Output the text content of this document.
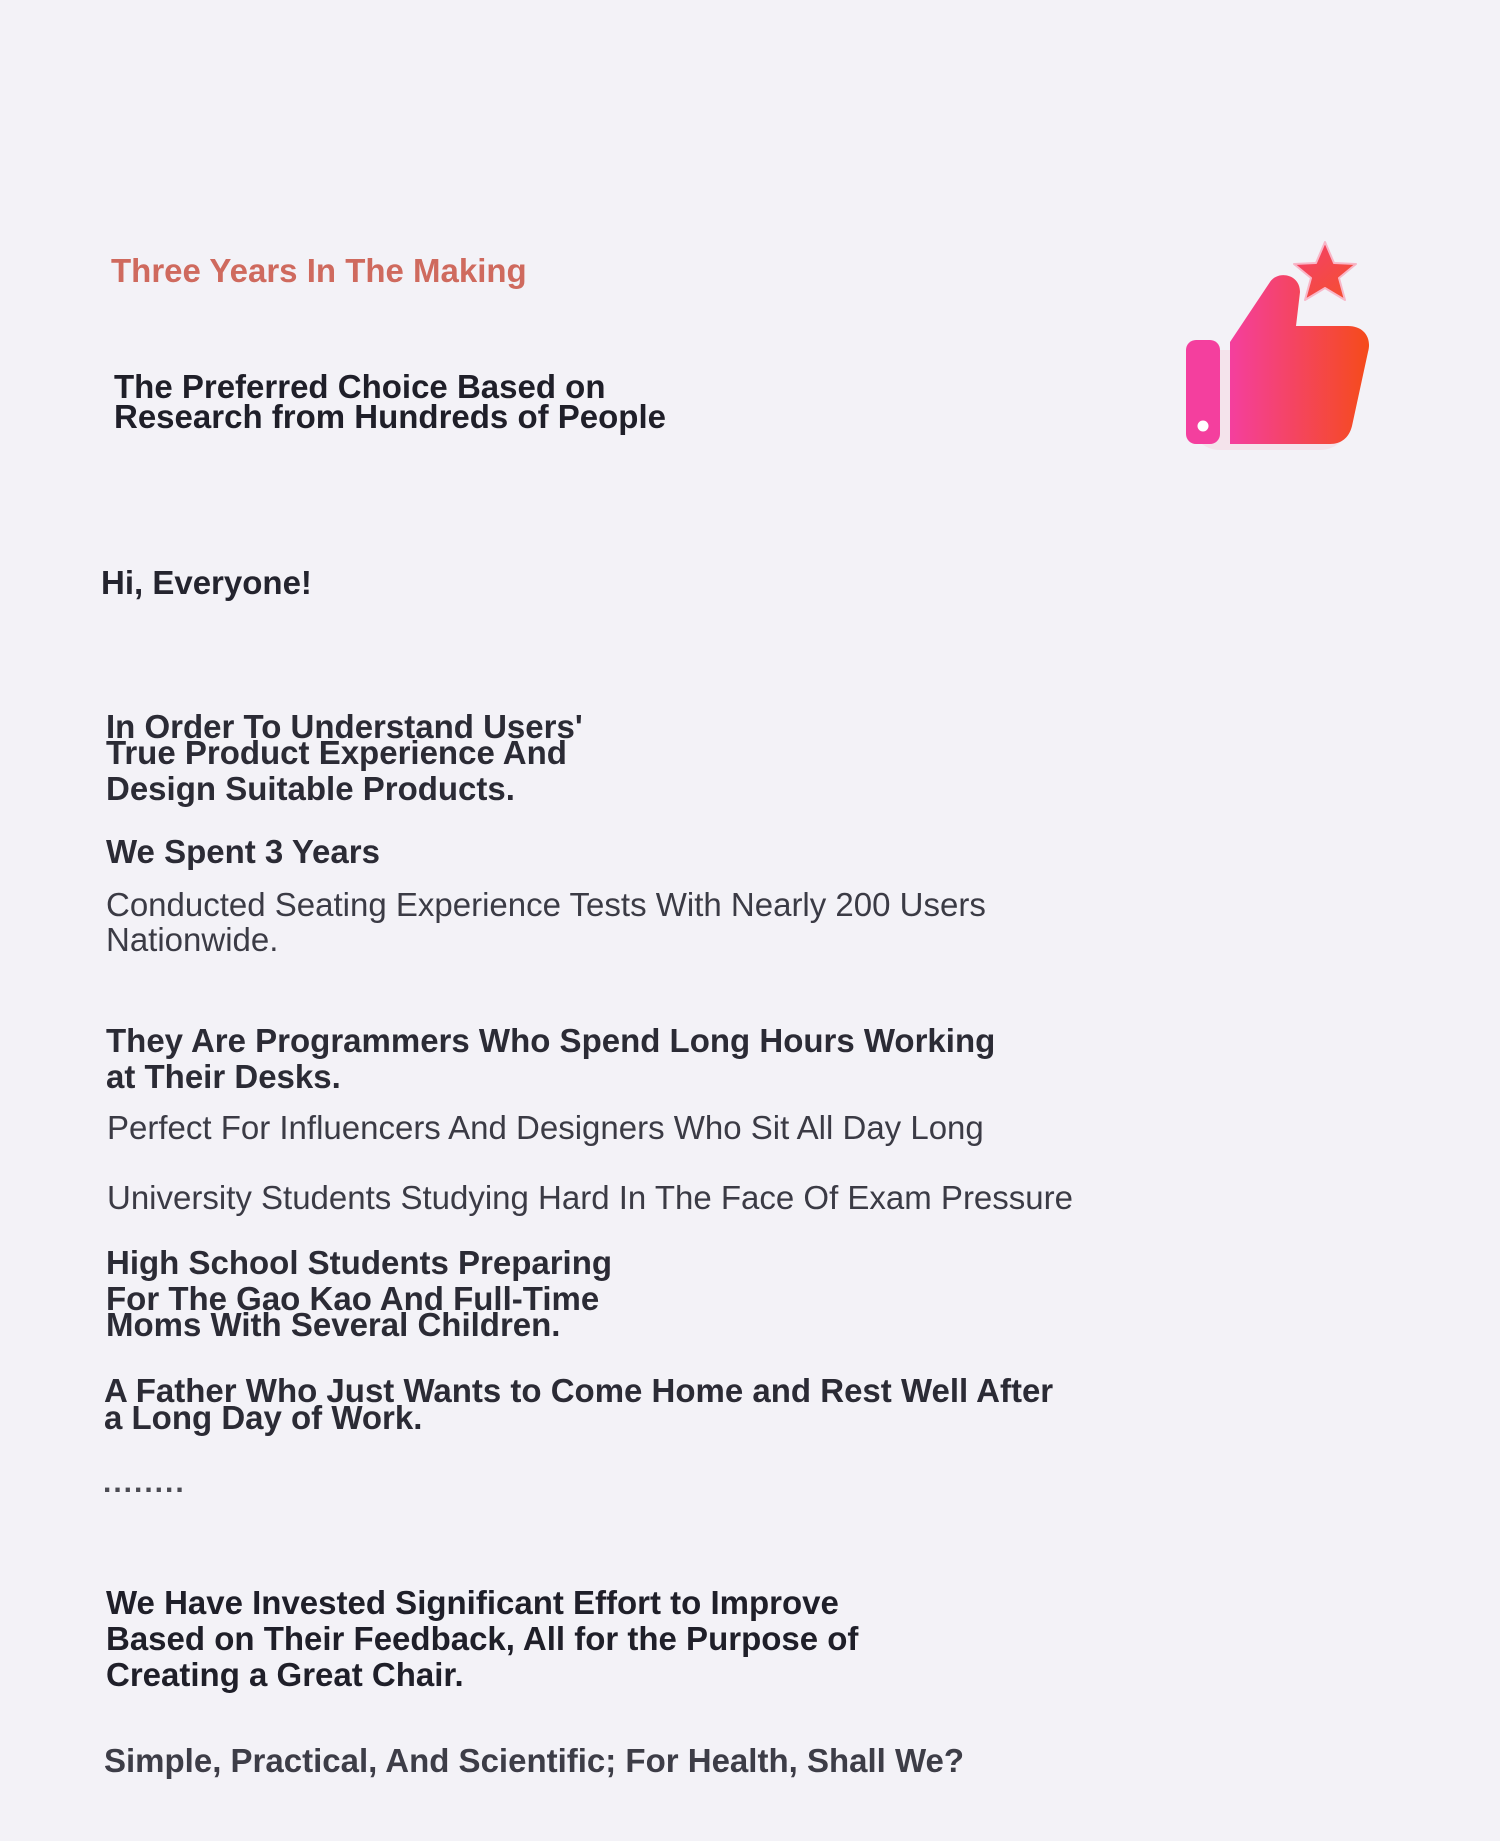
Three Years In The Making
The Preferred Choice Based on
Research from Hundreds of People
Hi, Everyone!
In Order To Understand Users'
True Product Experience And
Design Suitable Products.
We Spent 3 Years
Conducted Seating Experience Tests With Nearly 200 Users
Nationwide.
They Are Programmers Who Spend Long Hours Working
at Their Desks.
Perfect For Influencers And Designers Who Sit All Day Long
University Students Studying Hard In The Face Of Exam Pressure
High School Students Preparing
For The Gao Kao And Full-Time
Moms With Several Children.
A Father Who Just Wants to Come Home and Rest Well After
a Long Day of Work.
........
We Have Invested Significant Effort to Improve
Based on Their Feedback, All for the Purpose of
Creating a Great Chair.
Simple, Practical, And Scientific; For Health, Shall We?
